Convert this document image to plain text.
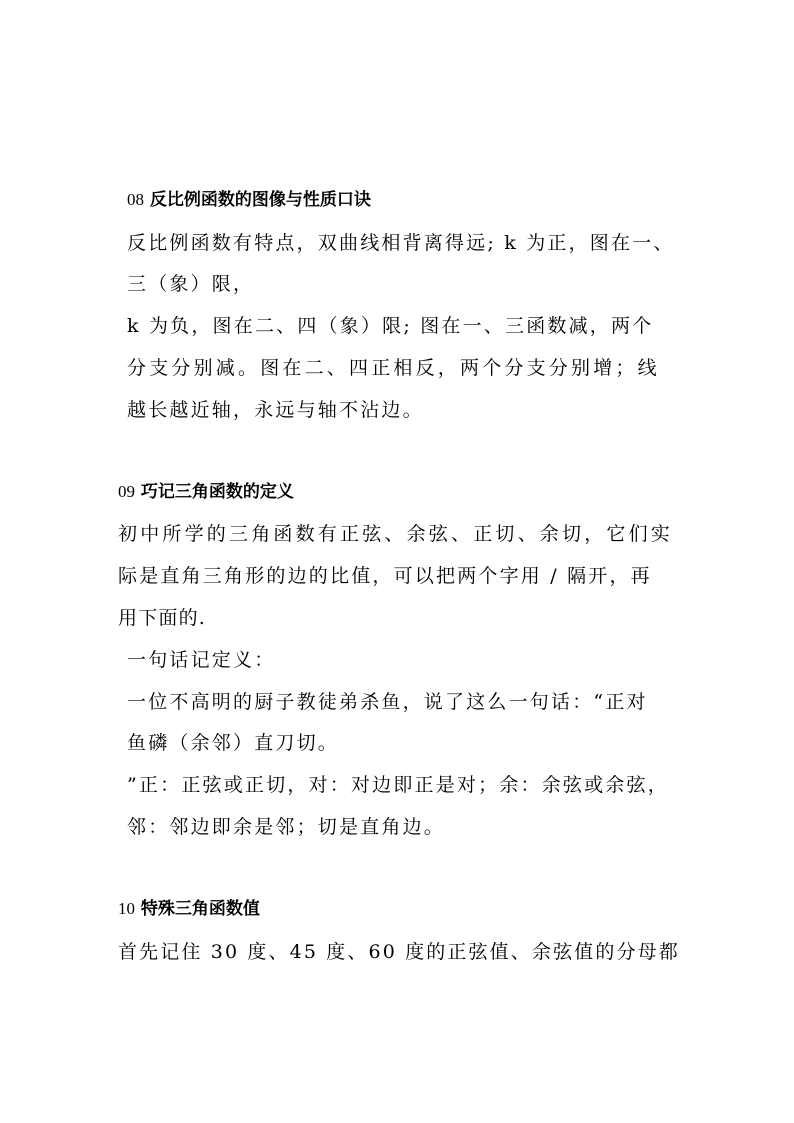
08 反比例函数的图像与性质口诀
反比例函数有特点，双曲线相背离得远; k 为正，图在一、
三（象）限，
k 为负，图在二、四（象）限; 图在一、三函数减，两个
分支分别减。图在二、四正相反，两个分支分别增；线
越长越近轴，永远与轴不沾边。
09 巧记三角函数的定义
初中所学的三角函数有正弦、余弦、正切、余切，它们实
际是直角三角形的边的比值，可以把两个字用 / 隔开，再
用下面的.
一句话记定义：
一位不高明的厨子教徒弟杀鱼，说了这么一句话：“正对
鱼磷（余邻）直刀切。
”正：正弦或正切，对：对边即正是对；余：余弦或余弦，
邻：邻边即余是邻；切是直角边。
10 特殊三角函数值
首先记住 30 度、45 度、60 度的正弦值、余弦值的分母都
